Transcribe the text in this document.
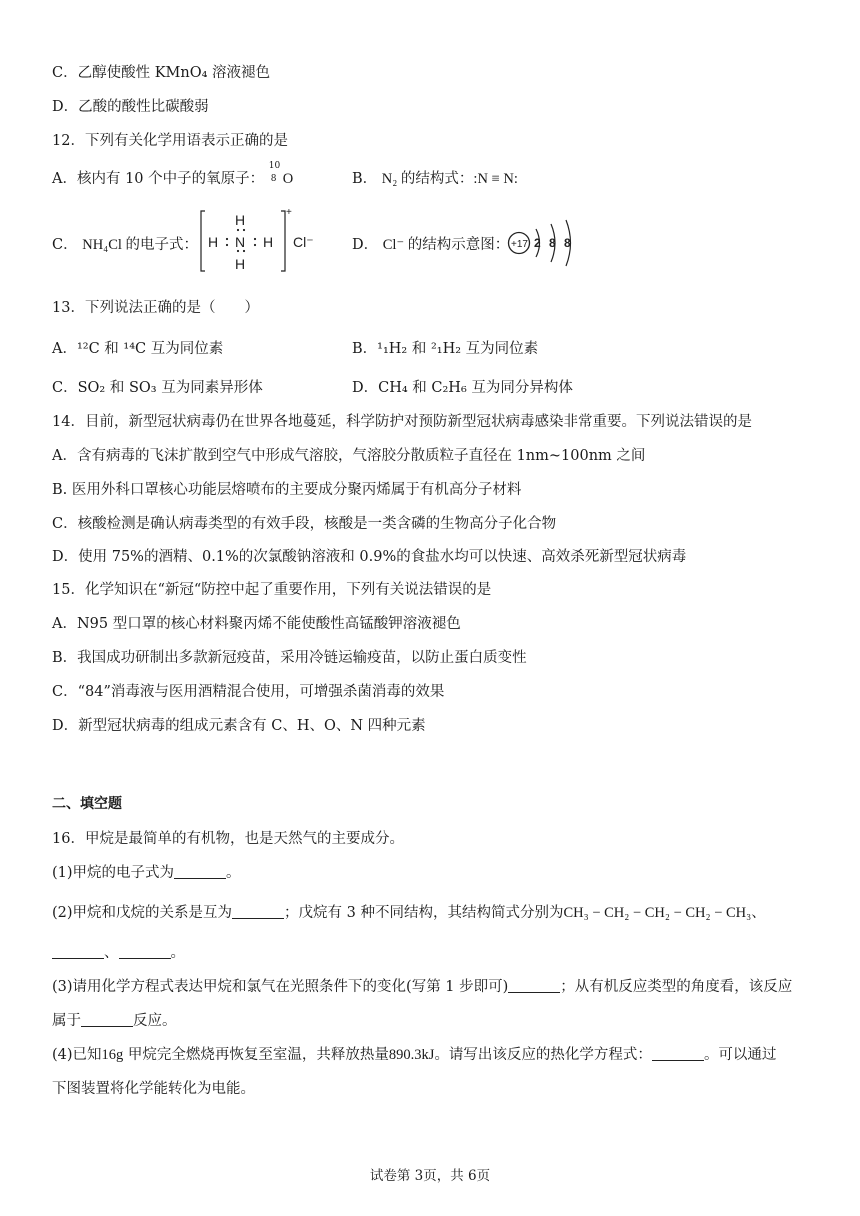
C．乙醇使酸性 KMnO₄ 溶液褪色
D．乙酸的酸性比碳酸弱
12．下列有关化学用语表示正确的是
A．核内有 10 个中子的氧原子：
10
8 O	B． N₂ 的结构式：:N ≡ N:
C． NH₄Cl 的电子式：
H
H N H
H
+
Cl⁻	D． Cl⁻ 的结构示意图： +17 2 8 8
13．下列说法正确的是（　　）
A．¹²C 和 ¹⁴C 互为同位素	B．¹₁H₂ 和 ²₁H₂ 互为同位素
C．SO₂ 和 SO₃ 互为同素异形体	D．CH₄ 和 C₂H₆ 互为同分异构体
14．目前，新型冠状病毒仍在世界各地蔓延，科学防护对预防新型冠状病毒感染非常重要。下列说法错误的是
A．含有病毒的飞沫扩散到空气中形成气溶胶，气溶胶分散质粒子直径在 1nm~100nm 之间
B. 医用外科口罩核心功能层熔喷布的主要成分聚丙烯属于有机高分子材料
C．核酸检测是确认病毒类型的有效手段，核酸是一类含磷的生物高分子化合物
D．使用 75%的酒精、0.1%的次氯酸钠溶液和 0.9%的食盐水均可以快速、高效杀死新型冠状病毒
15．化学知识在“新冠“防控中起了重要作用，下列有关说法错误的是
A．N95 型口罩的核心材料聚丙烯不能使酸性高锰酸钾溶液褪色
B．我国成功研制出多款新冠疫苗，采用冷链运输疫苗，以防止蛋白质变性
C．“84”消毒液与医用酒精混合使用，可增强杀菌消毒的效果
D．新型冠状病毒的组成元素含有 C、H、O、N 四种元素
二、填空题
16．甲烷是最简单的有机物，也是天然气的主要成分。
(1)甲烷的电子式为	。
(2)甲烷和戊烷的关系是互为	；戊烷有 3 种不同结构，其结构简式分别为CH₃ − CH₂ − CH₂ − CH₂ − CH₃、
、	。
(3)请用化学方程式表达甲烷和氯气在光照条件下的变化(写第 1 步即可)	；从有机反应类型的角度看，该反应
属于	反应。
(4)已知16g 甲烷完全燃烧再恢复至室温，共释放热量890.3kJ。请写出该反应的热化学方程式：	。可以通过
下图装置将化学能转化为电能。
试卷第 3页，共 6页
